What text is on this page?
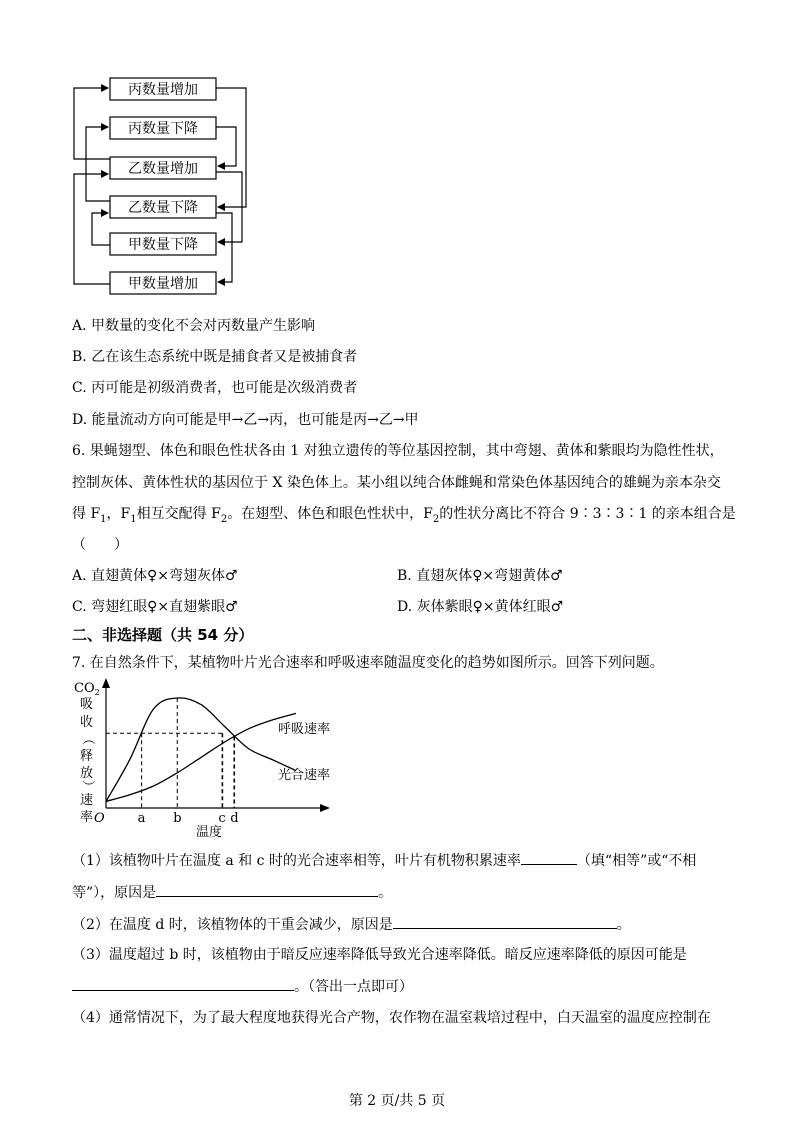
丙数量增加
丙数量下降
乙数量增加
乙数量下降
甲数量下降
甲数量增加
A. 甲数量的变化不会对丙数量产生影响
B. 乙在该生态系统中既是捕食者又是被捕食者
C. 丙可能是初级消费者，也可能是次级消费者
D. 能量流动方向可能是甲→乙→丙，也可能是丙→乙→甲
6. 果蝇翅型、体色和眼色性状各由 1 对独立遗传的等位基因控制，其中弯翅、黄体和紫眼均为隐性性状，
控制灰体、黄体性状的基因位于 X 染色体上。某小组以纯合体雌蝇和常染色体基因纯合的雄蝇为亲本杂交
得 $F_1$，$F_1$相互交配得 $F_2$。在翅型、体色和眼色性状中，$F_2$的性状分离比不符合 9∶3∶3∶1 的亲本组合是
（　　）
A. 直翅黄体♀×弯翅灰体♂	B. 直翅灰体♀×弯翅黄体♂
C. 弯翅红眼♀×直翅紫眼♂	D. 灰体紫眼♀×黄体红眼♂
二、非选择题（共 54 分）
7. 在自然条件下，某植物叶片光合速率和呼吸速率随温度变化的趋势如图所示。回答下列问题。
$CO_2$
吸
收
（
释
放
）
速
率 O	a b	c d
温度
呼吸速率
光合速率
（1）该植物叶片在温度 a 和 c 时的光合速率相等，叶片有机物积累速率	（填“相等”或“不相
等”），原因是	。
（2）在温度 d 时，该植物体的干重会减少，原因是	。
（3）温度超过 b 时，该植物由于暗反应速率降低导致光合速率降低。暗反应速率降低的原因可能是
。（答出一点即可）
（4）通常情况下，为了最大程度地获得光合产物，农作物在温室栽培过程中，白天温室的温度应控制在
第 2 页/共 5 页
